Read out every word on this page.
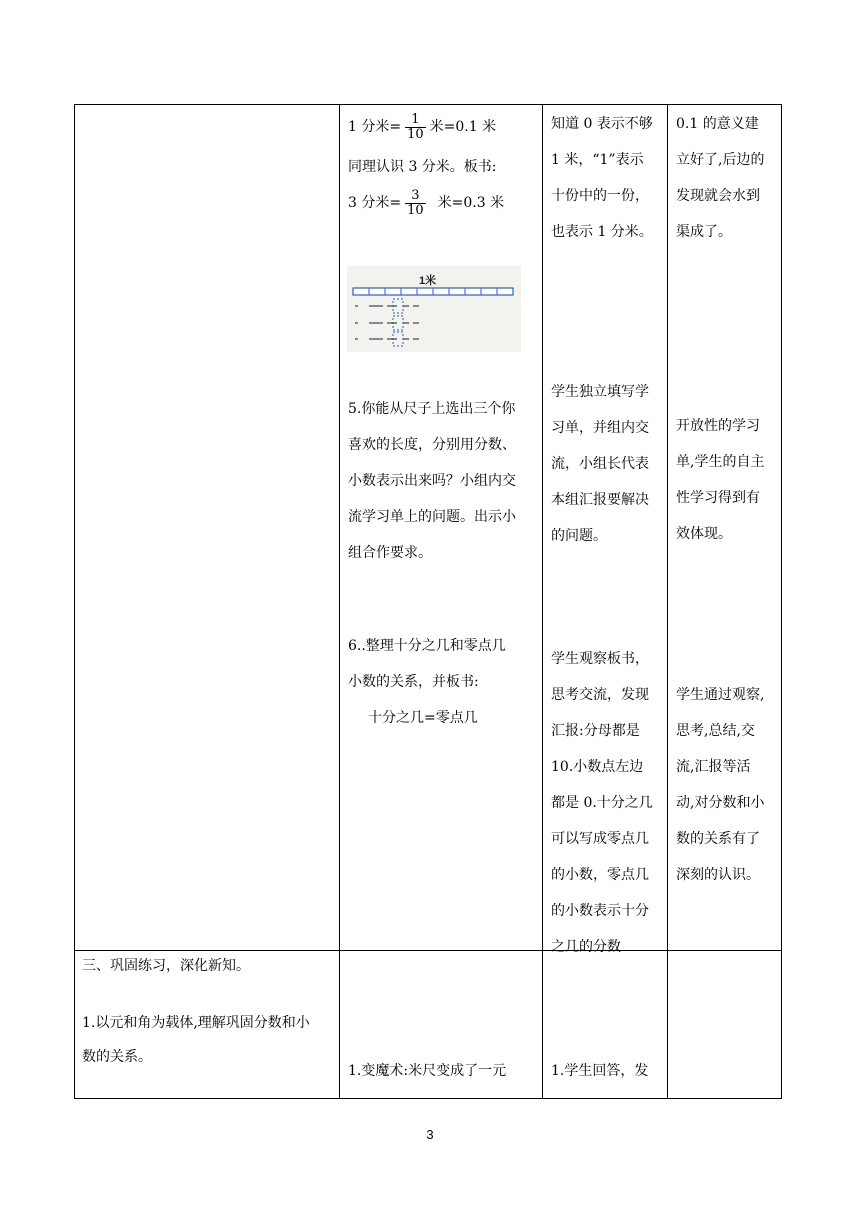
1 分米= $\frac{1}{10}$ 米=0.1 米
同理认识 3 分米。板书:
3 分米= $\frac{3}{10}$ 米=0.3 米
1米
5.你能从尺子上选出三个你
喜欢的长度，分别用分数、
小数表示出来吗？小组内交
流学习单上的问题。出示小
组合作要求。
6..整理十分之几和零点几
小数的关系，并板书:
十分之几=零点几
知道 0 表示不够
1 米，“1”表示
十份中的一份，
也表示 1 分米。
学生独立填写学
习单，并组内交
流，小组长代表
本组汇报要解决
的问题。
学生观察板书，
思考交流，发现
汇报:分母都是
10.小数点左边
都是 0.十分之几
可以写成零点几
的小数，零点几
的小数表示十分
之几的分数
0.1 的意义建
立好了,后边的
发现就会水到
渠成了。
开放性的学习
单,学生的自主
性学习得到有
效体现。
学生通过观察,
思考,总结,交
流,汇报等活
动,对分数和小
数的关系有了
深刻的认识。
三、巩固练习，深化新知。
1.以元和角为载体,理解巩固分数和小
数的关系。
1.变魔术:米尺变成了一元	1.学生回答，发
3
